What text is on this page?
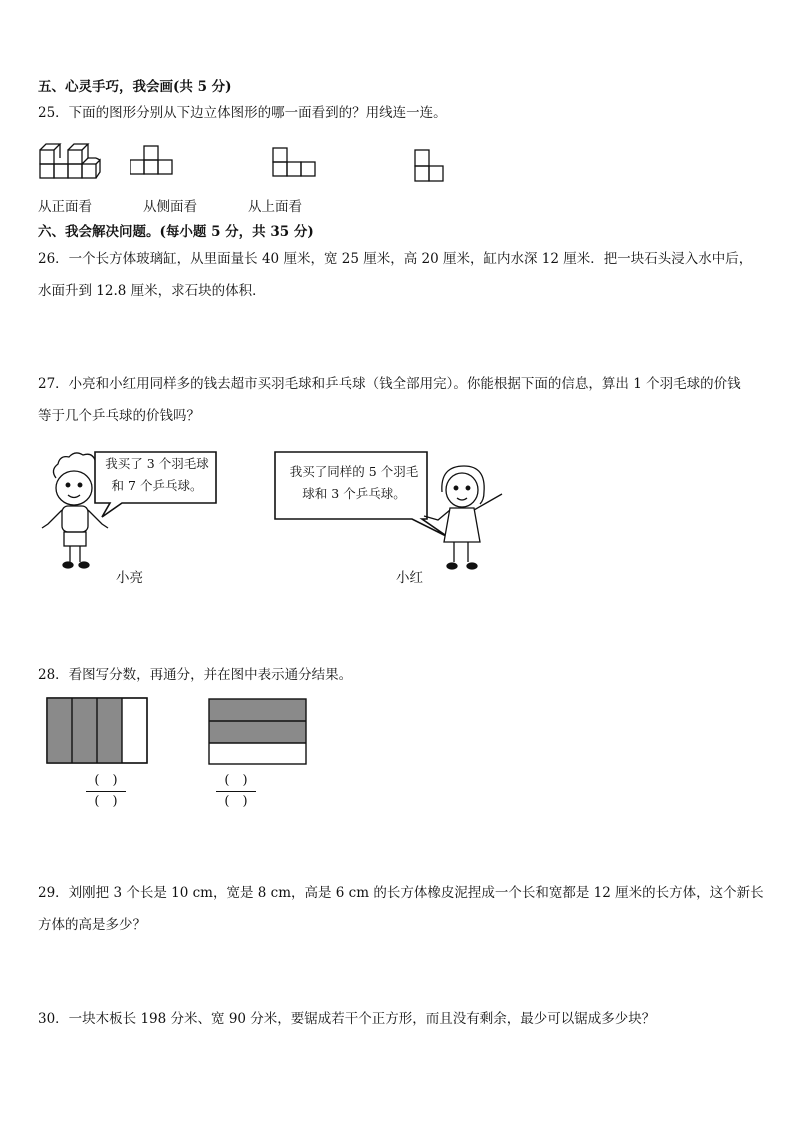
五、心灵手巧，我会画(共 5 分)
25．下面的图形分别从下边立体图形的哪一面看到的？用线连一连。
从正面看	从侧面看	从上面看
六、我会解决问题。(每小题 5 分，共 35 分)
26．一个长方体玻璃缸，从里面量长 40 厘米，宽 25 厘米，高 20 厘米，缸内水深 12 厘米．把一块石头浸入水中后，
水面升到 12.8 厘米，求石块的体积．
27．小亮和小红用同样多的钱去超市买羽毛球和乒乓球（钱全部用完）。你能根据下面的信息，算出 1 个羽毛球的价钱
等于几个乒乓球的价钱吗？
我买了 3 个羽毛球
和 7 个乒乓球。
我买了同样的 5 个羽毛
球和 3 个乒乓球。
小亮	小红
28．看图写分数，再通分，并在图中表示通分结果。
(　)
(　)
(　)
(　)
29．刘刚把 3 个长是 10 cm，宽是 8 cm，高是 6 cm 的长方体橡皮泥捏成一个长和宽都是 12 厘米的长方体，这个新长
方体的高是多少？
30．一块木板长 198 分米、宽 90 分米，要锯成若干个正方形，而且没有剩余，最少可以锯成多少块？
